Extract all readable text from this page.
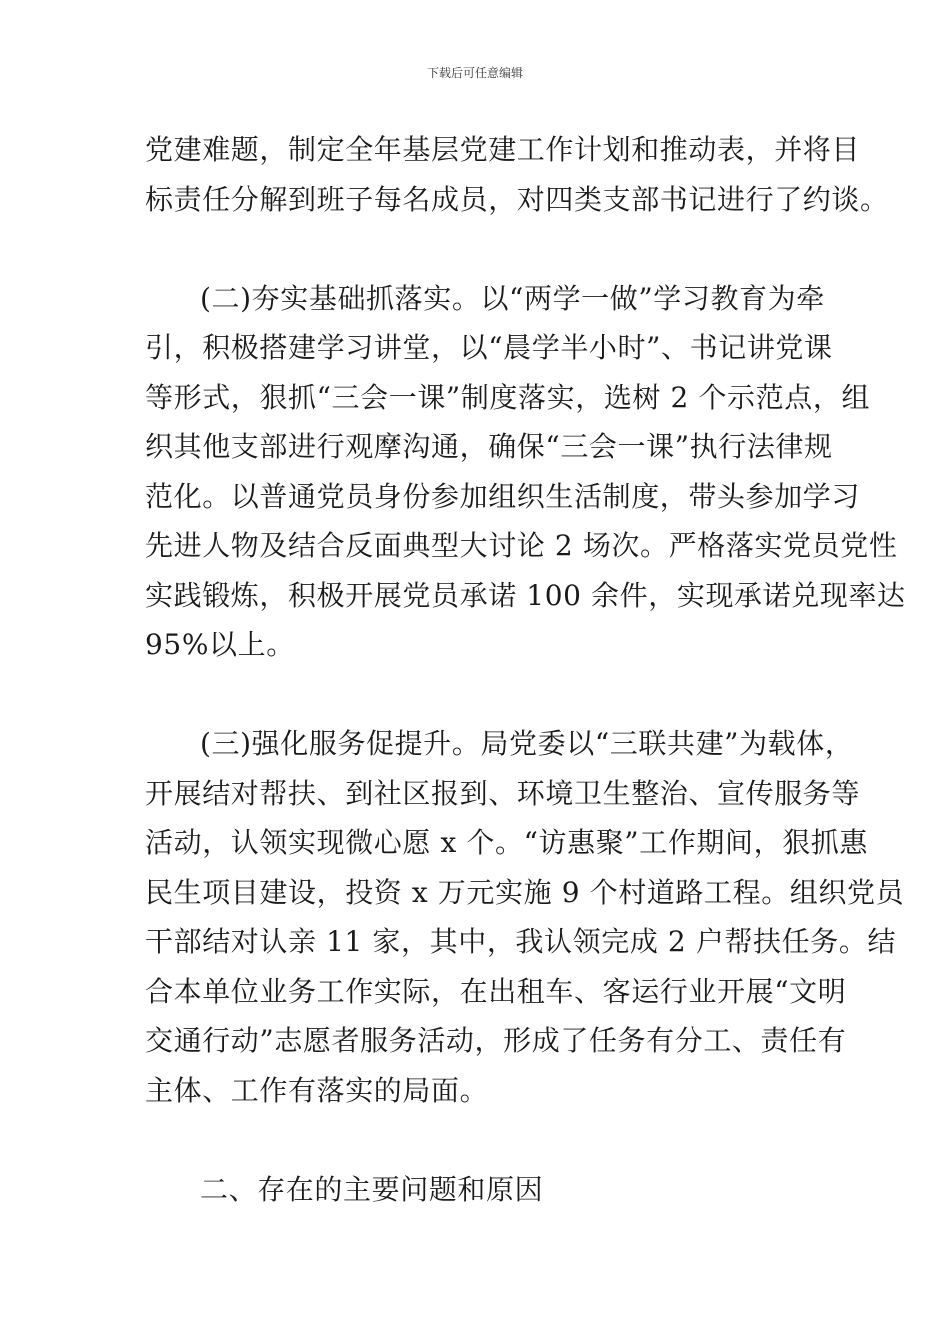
下载后可任意编辑
党建难题，制定全年基层党建工作计划和推动表，并将目
标责任分解到班子每名成员，对四类支部书记进行了约谈。
(二)夯实基础抓落实。以“两学一做”学习教育为牵
引，积极搭建学习讲堂，以“晨学半小时”、书记讲党课
等形式，狠抓“三会一课”制度落实，选树 2 个示范点，组
织其他支部进行观摩沟通，确保“三会一课”执行法律规
范化。以普通党员身份参加组织生活制度，带头参加学习
先进人物及结合反面典型大讨论 2 场次。严格落实党员党性
实践锻炼，积极开展党员承诺 100 余件，实现承诺兑现率达
95%以上。
(三)强化服务促提升。局党委以“三联共建”为载体，
开展结对帮扶、到社区报到、环境卫生整治、宣传服务等
活动，认领实现微心愿 x 个。“访惠聚”工作期间，狠抓惠
民生项目建设，投资 x 万元实施 9 个村道路工程。组织党员
干部结对认亲 11 家，其中，我认领完成 2 户帮扶任务。结
合本单位业务工作实际，在出租车、客运行业开展“文明
交通行动”志愿者服务活动，形成了任务有分工、责任有
主体、工作有落实的局面。
二、存在的主要问题和原因
